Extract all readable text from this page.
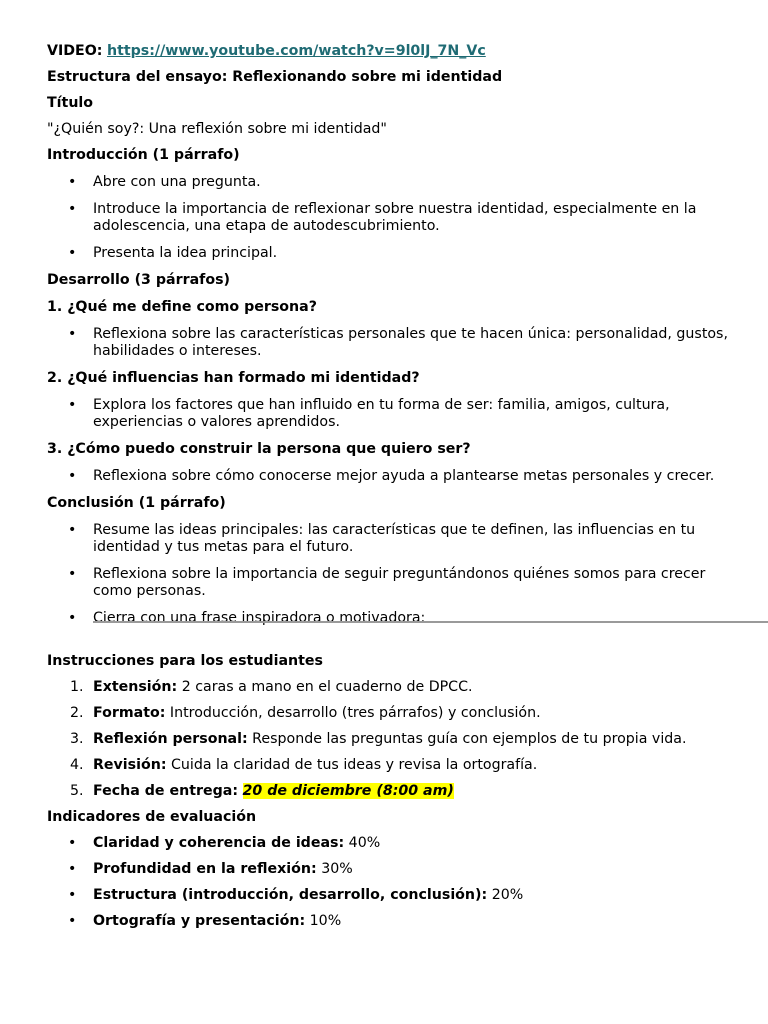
VIDEO: https://www.youtube.com/watch?v=9l0lJ_7N_Vc

Estructura del ensayo: Reflexionando sobre mi identidad

Título

"¿Quién soy?: Una reflexión sobre mi identidad"

Introducción (1 párrafo)

• Abre con una pregunta.
• Introduce la importancia de reflexionar sobre nuestra identidad, especialmente en la adolescencia, una etapa de autodescubrimiento.
• Presenta la idea principal.

Desarrollo (3 párrafos)

1. ¿Qué me define como persona?

• Reflexiona sobre las características personales que te hacen única: personalidad, gustos, habilidades o intereses.

2. ¿Qué influencias han formado mi identidad?

• Explora los factores que han influido en tu forma de ser: familia, amigos, cultura, experiencias o valores aprendidos.

3. ¿Cómo puedo construir la persona que quiero ser?

• Reflexiona sobre cómo conocerse mejor ayuda a plantearse metas personales y crecer.

Conclusión (1 párrafo)

• Resume las ideas principales: las características que te definen, las influencias en tu identidad y tus metas para el futuro.
• Reflexiona sobre la importancia de seguir preguntándonos quiénes somos para crecer como personas.
• Cierra con una frase inspiradora o motivadora:

Instrucciones para los estudiantes

1. Extensión: 2 caras a mano en el cuaderno de DPCC.
2. Formato: Introducción, desarrollo (tres párrafos) y conclusión.
3. Reflexión personal: Responde las preguntas guía con ejemplos de tu propia vida.
4. Revisión: Cuida la claridad de tus ideas y revisa la ortografía.
5. Fecha de entrega: 20 de diciembre (8:00 am)

Indicadores de evaluación

• Claridad y coherencia de ideas: 40%
• Profundidad en la reflexión: 30%
• Estructura (introducción, desarrollo, conclusión): 20%
• Ortografía y presentación: 10%
